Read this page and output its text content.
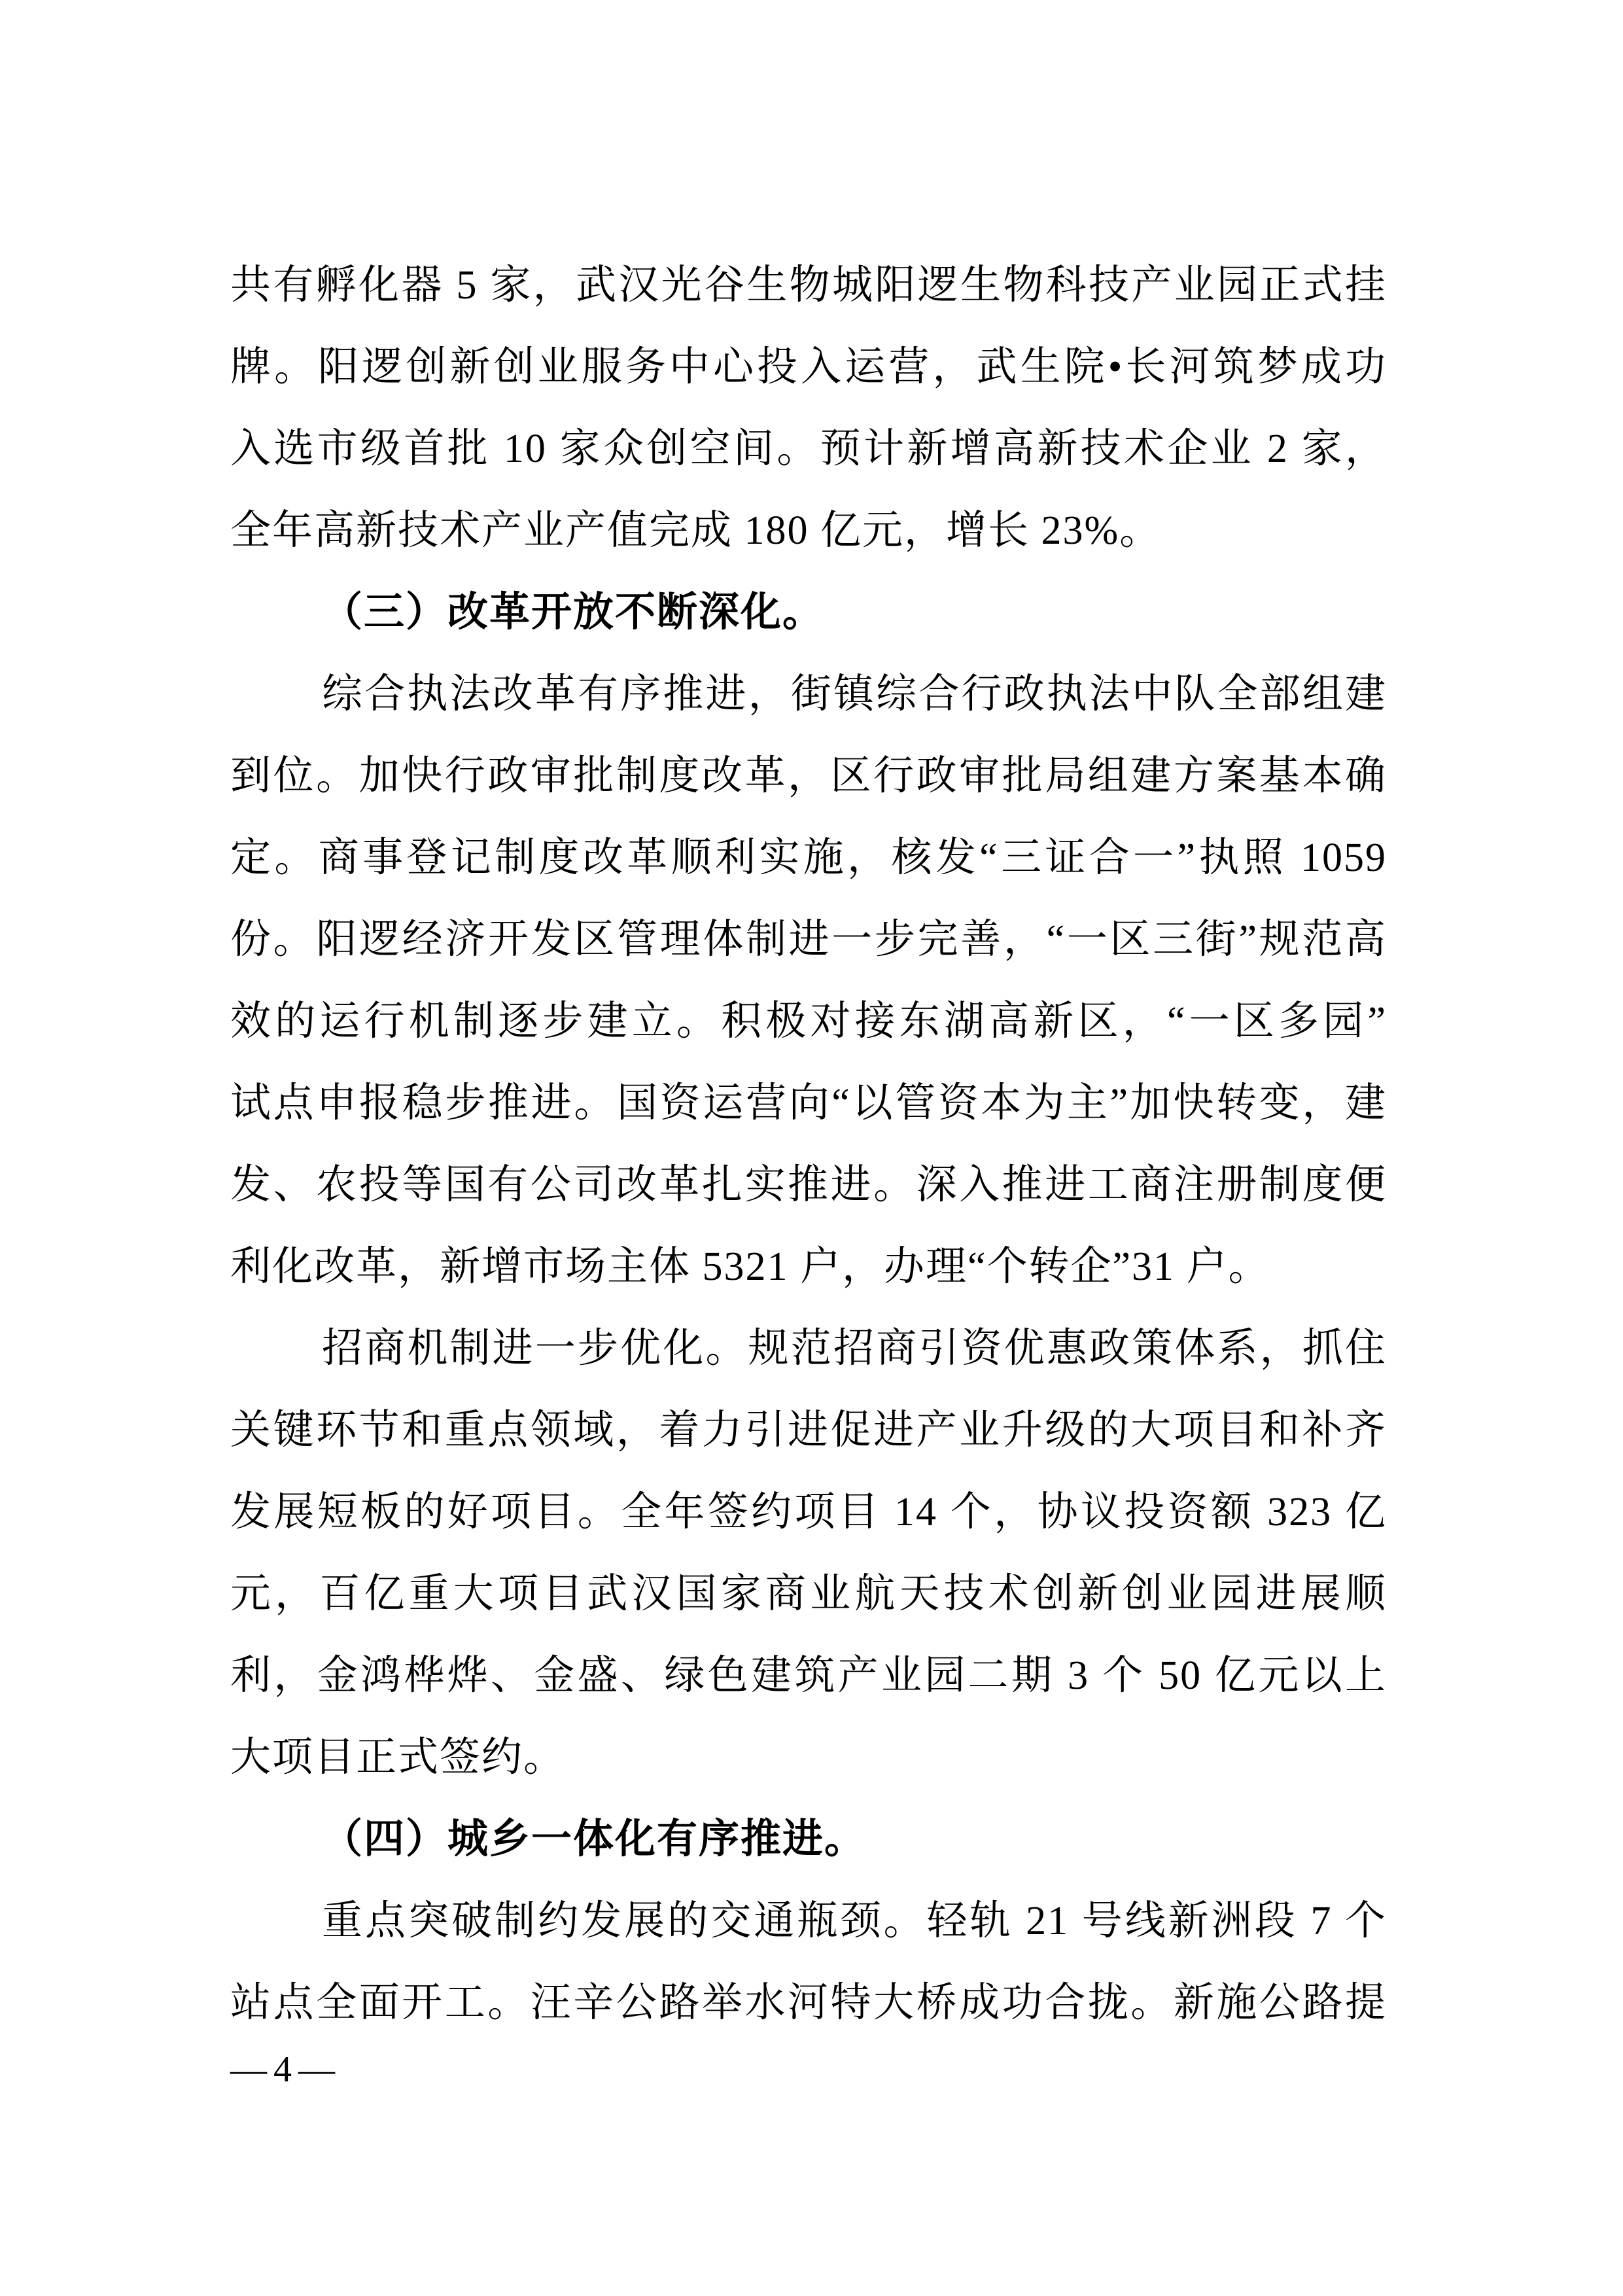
共有孵化器 5 家，武汉光谷生物城阳逻生物科技产业园正式挂
牌。阳逻创新创业服务中心投入运营，武生院•长河筑梦成功
入选市级首批 10 家众创空间。预计新增高新技术企业 2 家，
全年高新技术产业产值完成 180 亿元，增长 23%。
（三）改革开放不断深化。
综合执法改革有序推进，街镇综合行政执法中队全部组建
到位。加快行政审批制度改革，区行政审批局组建方案基本确
定。商事登记制度改革顺利实施，核发“三证合一”执照 1059
份。阳逻经济开发区管理体制进一步完善，“一区三街”规范高
效的运行机制逐步建立。积极对接东湖高新区，“一区多园”
试点申报稳步推进。国资运营向“以管资本为主”加快转变，建
发、农投等国有公司改革扎实推进。深入推进工商注册制度便
利化改革，新增市场主体 5321 户，办理“个转企”31 户。
招商机制进一步优化。规范招商引资优惠政策体系，抓住
关键环节和重点领域，着力引进促进产业升级的大项目和补齐
发展短板的好项目。全年签约项目 14 个，协议投资额 323 亿
元，百亿重大项目武汉国家商业航天技术创新创业园进展顺
利，金鸿桦烨、金盛、绿色建筑产业园二期 3 个 50 亿元以上
大项目正式签约。
（四）城乡一体化有序推进。
重点突破制约发展的交通瓶颈。轻轨 21 号线新洲段 7 个
站点全面开工。汪辛公路举水河特大桥成功合拢。新施公路提
—4—
